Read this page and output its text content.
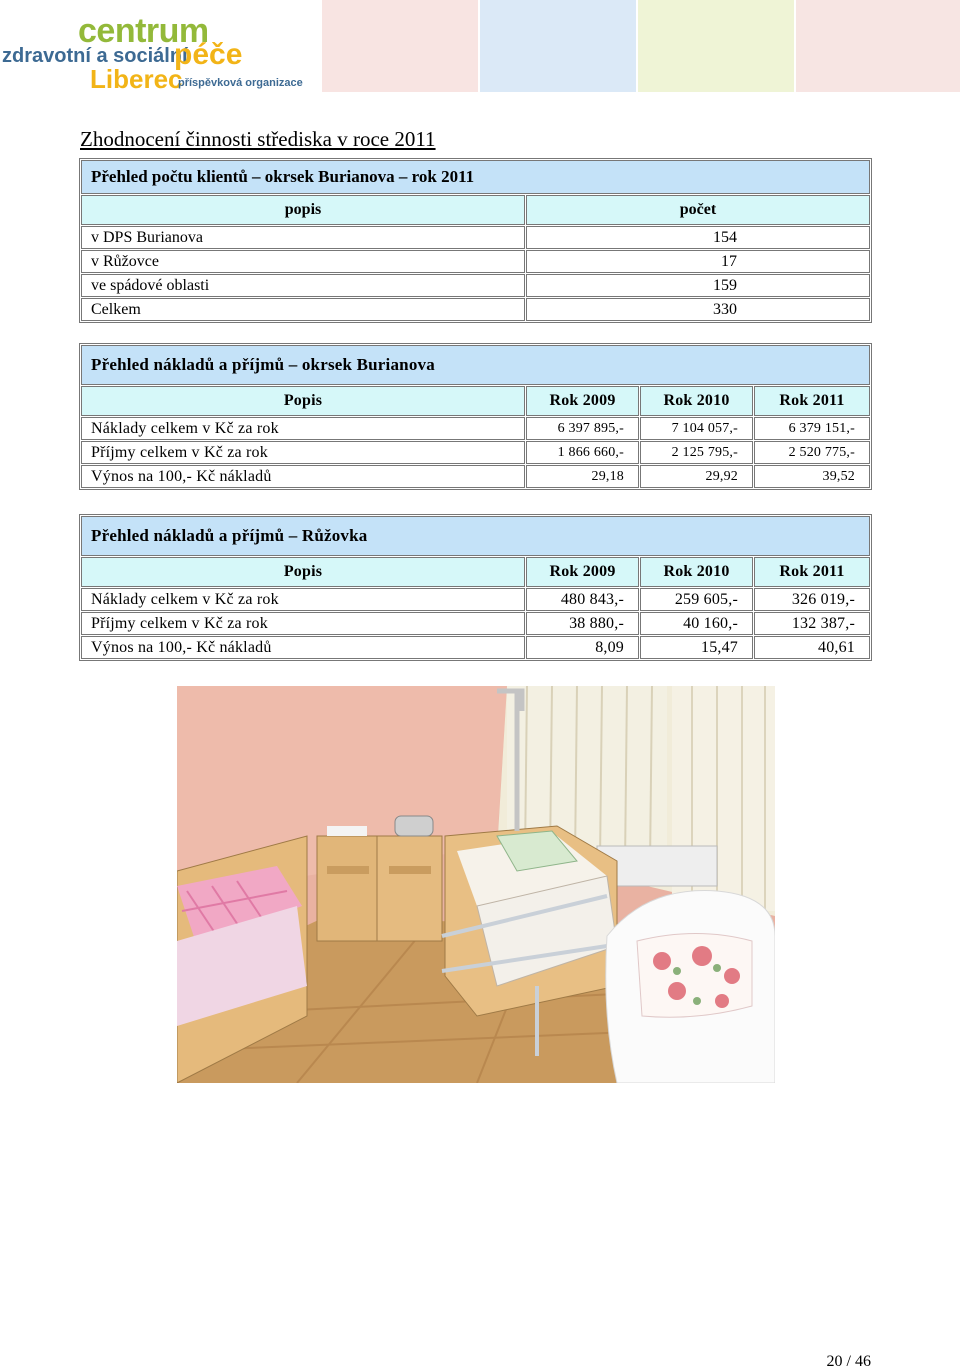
centrum
zdravotní a sociální
péče
Liberec
příspěvková organizace
Zhodnocení činnosti střediska v roce 2011
Přehled počtu klientů – okrsek Burianova – rok 2011	
popis	počet
v DPS Burianova	154
v Růžovce	17
ve spádové oblasti	159
Celkem	330
Přehled nákladů a příjmů – okrsek Burianova			
Popis	Rok 2009	Rok 2010	Rok 2011
Náklady celkem v Kč za rok	6 397 895,-	7 104 057,-	6 379 151,-
Příjmy celkem v Kč za rok	1 866 660,-	2 125 795,-	2 520 775,-
Výnos na 100,- Kč nákladů	29,18	29,92	39,52
Přehled nákladů a příjmů – Růžovka			
Popis	Rok 2009	Rok 2010	Rok 2011
Náklady celkem v Kč za rok	480 843,-	259 605,-	326 019,-
Příjmy celkem v Kč za rok	38 880,-	40 160,-	132 387,-
Výnos na 100,- Kč nákladů	8,09	15,47	40,61
20 / 46
